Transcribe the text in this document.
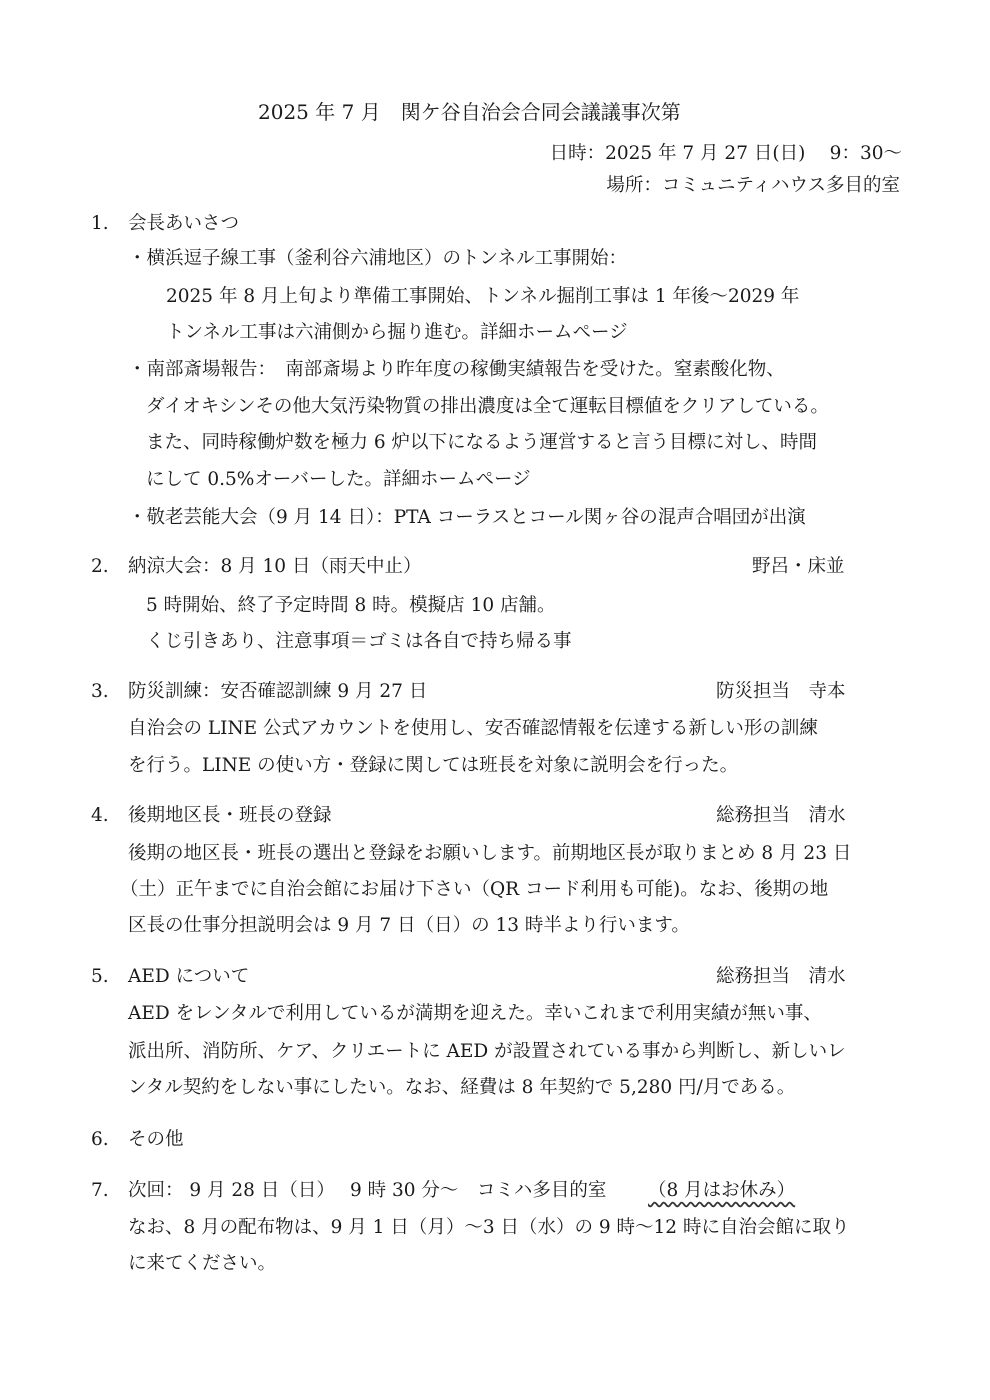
2025 年 7 月　関ケ谷自治会合同会議議事次第
日時：2025 年 7 月 27 日(日)　 9：30〜
場所：コミュニティハウス多目的室
1. 会長あいさつ
・横浜逗子線工事（釜利谷六浦地区）のトンネル工事開始：
2025 年 8 月上旬より準備工事開始、トンネル掘削工事は 1 年後〜2029 年
トンネル工事は六浦側から掘り進む。詳細ホームページ
・南部斎場報告：　南部斎場より昨年度の稼働実績報告を受けた。窒素酸化物、
ダイオキシンその他大気汚染物質の排出濃度は全て運転目標値をクリアしている。
また、同時稼働炉数を極力 6 炉以下になるよう運営すると言う目標に対し、時間
にして 0.5%オーバーした。詳細ホームページ
・敬老芸能大会（9 月 14 日）：PTA コーラスとコール関ヶ谷の混声合唱団が出演
2. 納涼大会：8 月 10 日（雨天中止）	野呂・床並
5 時開始、終了予定時間 8 時。模擬店 10 店舗。
くじ引きあり、注意事項＝ゴミは各自で持ち帰る事
3. 防災訓練：安否確認訓練 9 月 27 日	防災担当　寺本
自治会の LINE 公式アカウントを使用し、安否確認情報を伝達する新しい形の訓練
を行う。LINE の使い方・登録に関しては班長を対象に説明会を行った。
4. 後期地区長・班長の登録	総務担当　清水
後期の地区長・班長の選出と登録をお願いします。前期地区長が取りまとめ 8 月 23 日
（土）正午までに自治会館にお届け下さい（QR コード利用も可能)。なお、後期の地
区長の仕事分担説明会は 9 月 7 日（日）の 13 時半より行います。
5. AED について	総務担当　清水
AED をレンタルで利用しているが満期を迎えた。幸いこれまで利用実績が無い事、
派出所、消防所、ケア、クリエートに AED が設置されている事から判断し、新しいレ
ンタル契約をしない事にしたい。なお、経費は 8 年契約で 5,280 円/月である。
6. その他
7. 次回： 9 月 28 日（日）　 9 時 30 分〜　コミハ多目的室 （8 月はお休み）
なお、8 月の配布物は、9 月 1 日（月）〜3 日（水）の 9 時〜12 時に自治会館に取り
に来てください。
